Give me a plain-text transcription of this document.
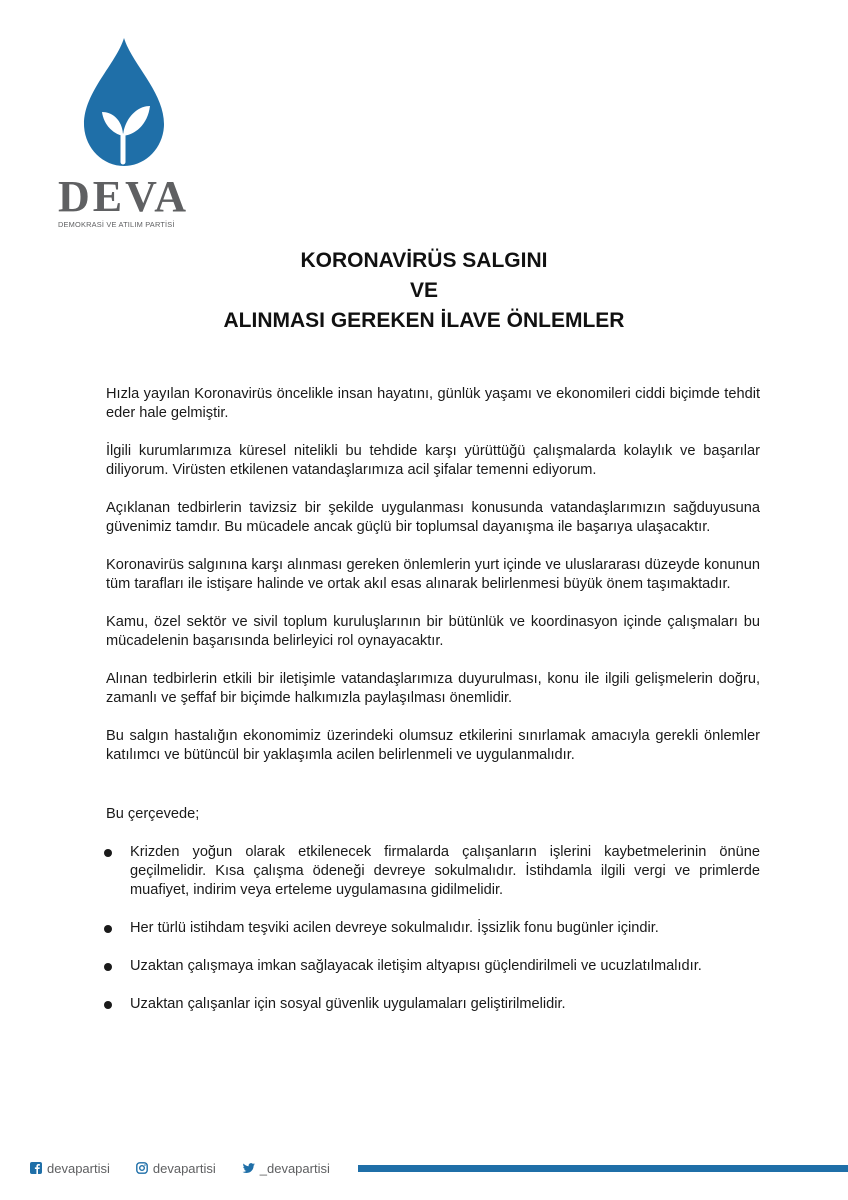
DEVA
DEMOKRASİ VE ATILIM PARTİSİ
KORONAVİRÜS SALGINI
VE
ALINMASI GEREKEN İLAVE ÖNLEMLER

Hızla yayılan Koronavirüs öncelikle insan hayatını, günlük yaşamı ve ekonomileri ciddi biçimde tehdit eder hale gelmiştir.

İlgili kurumlarımıza küresel nitelikli bu tehdide karşı yürüttüğü çalışmalarda kolaylık ve başarılar diliyorum. Virüsten etkilenen vatandaşlarımıza acil şifalar temenni ediyorum.

Açıklanan tedbirlerin tavizsiz bir şekilde uygulanması konusunda vatandaşlarımızın sağduyusuna güvenimiz tamdır. Bu mücadele ancak güçlü bir toplumsal dayanışma ile başarıya ulaşacaktır.

Koronavirüs salgınına karşı alınması gereken önlemlerin yurt içinde ve uluslararası düzeyde konunun tüm tarafları ile istişare halinde ve ortak akıl esas alınarak belirlenmesi büyük önem taşımaktadır.

Kamu, özel sektör ve sivil toplum kuruluşlarının bir bütünlük ve koordinasyon içinde çalışmaları bu mücadelenin başarısında belirleyici rol oynayacaktır.

Alınan tedbirlerin etkili bir iletişimle vatandaşlarımıza duyurulması, konu ile ilgili gelişmelerin doğru, zamanlı ve şeffaf bir biçimde halkımızla paylaşılması önemlidir.

Bu salgın hastalığın ekonomimiz üzerindeki olumsuz etkilerini sınırlamak amacıyla gerekli önlemler katılımcı ve bütüncül bir yaklaşımla acilen belirlenmeli ve uygulanmalıdır.

Bu çerçevede;

Krizden yoğun olarak etkilenecek firmalarda çalışanların işlerini kaybetmelerinin önüne geçilmelidir. Kısa çalışma ödeneği devreye sokulmalıdır. İstihdamla ilgili vergi ve primlerde muafiyet, indirim veya erteleme uygulamasına gidilmelidir.
Her türlü istihdam teşviki acilen devreye sokulmalıdır. İşsizlik fonu bugünler içindir.
Uzaktan çalışmaya imkan sağlayacak iletişim altyapısı güçlendirilmeli ve ucuzlatılmalıdır.
Uzaktan çalışanlar için sosyal güvenlik uygulamaları geliştirilmelidir.
devapartisi	devapartisi	_devapartisi
